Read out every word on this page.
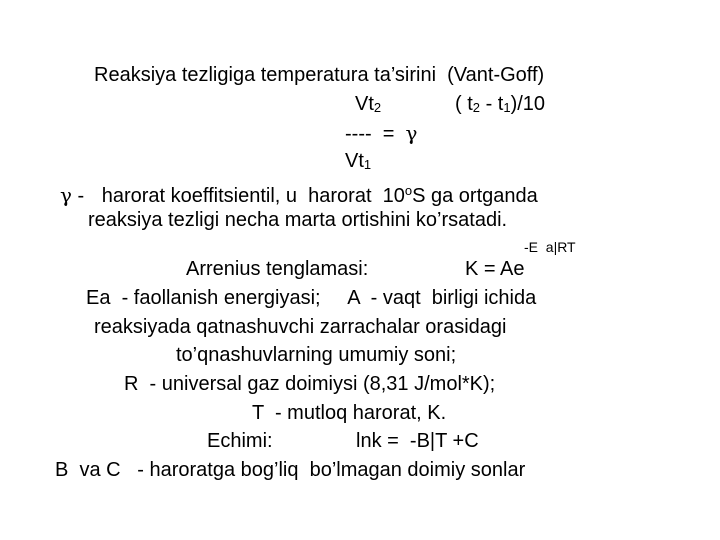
Reaksiya tezligiga temperatura ta’sirini  (Vant-Goff)
Vt2	( t2 - t1)/10
----  =  γ
Vt1
γ - harorat koeffitsientil, u  harorat  10$^o$S ga ortganda
reaksiya tezligi necha marta ortishini ko’rsatadi.
-E  a|RT
Arrenius tenglamasi:	K = Ae
Ea  - faollanish energiyasi;     A  - vaqt  birligi ichida
reaksiyada qatnashuvchi zarrachalar orasidagi
to’qnashuvlarning umumiy soni;
R  - universal gaz doimiysi (8,31 J/mol*K);
T  - mutloq harorat, K.
Echimi:	lnk =  -B|T +C
B  va C   - haroratga bog’liq  bo’lmagan doimiy sonlar
